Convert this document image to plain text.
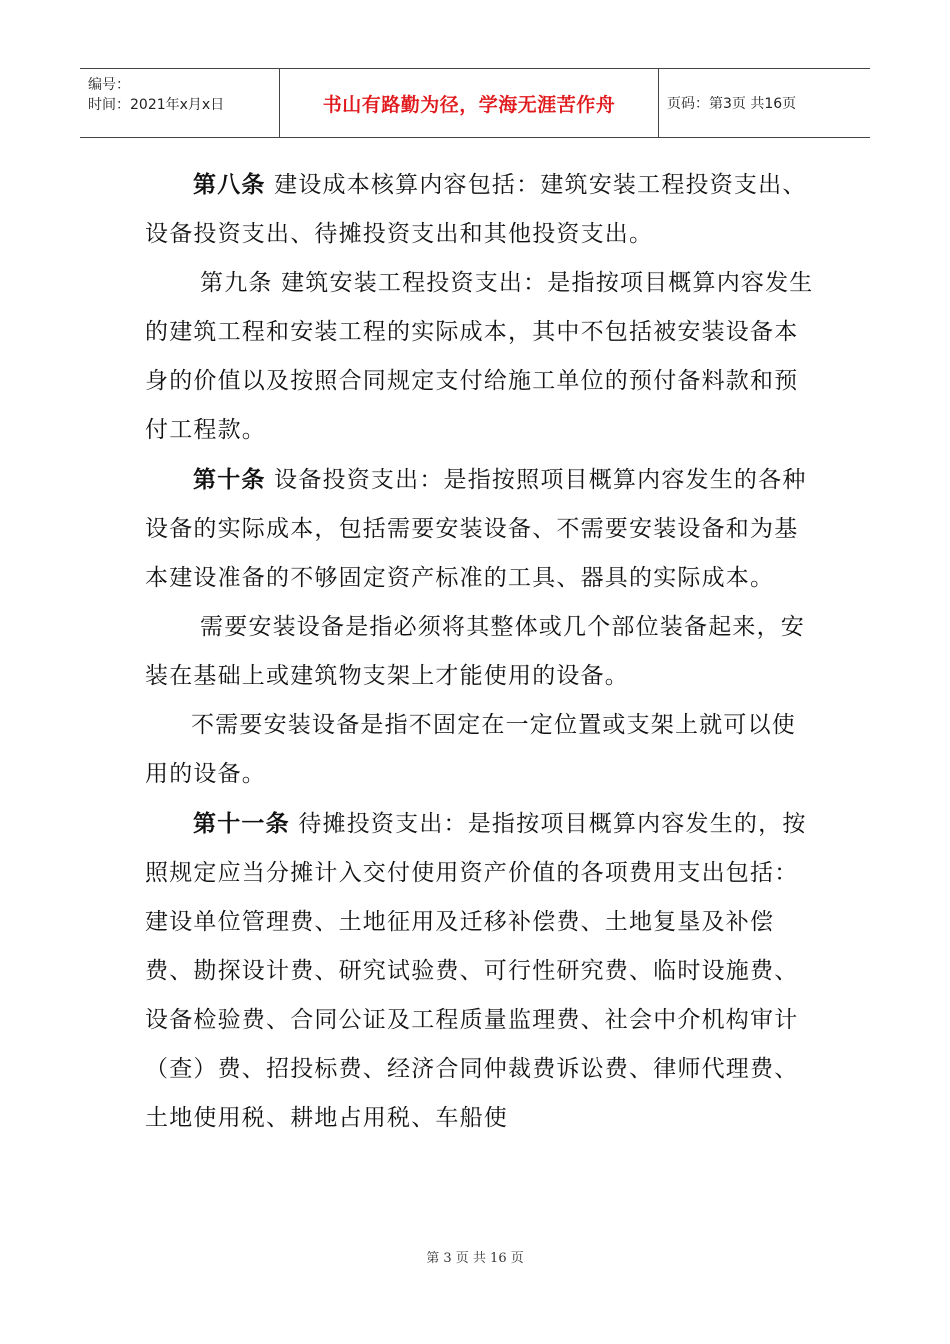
编号：
时间：2021年x月x日	书山有路勤为径，学海无涯苦作舟	页码：第3页 共16页

第八条 建设成本核算内容包括：建筑安装工程投资支出、设备投资支出、待摊投资支出和其他投资支出。

第九条 建筑安装工程投资支出：是指按项目概算内容发生的建筑工程和安装工程的实际成本，其中不包括被安装设备本身的价值以及按照合同规定支付给施工单位的预付备料款和预付工程款。

第十条 设备投资支出：是指按照项目概算内容发生的各种设备的实际成本，包括需要安装设备、不需要安装设备和为基本建设准备的不够固定资产标准的工具、器具的实际成本。

需要安装设备是指必须将其整体或几个部位装备起来，安装在基础上或建筑物支架上才能使用的设备。

不需要安装设备是指不固定在一定位置或支架上就可以使用的设备。

第十一条 待摊投资支出：是指按项目概算内容发生的，按照规定应当分摊计入交付使用资产价值的各项费用支出包括：建设单位管理费、土地征用及迁移补偿费、土地复垦及补偿费、勘探设计费、研究试验费、可行性研究费、临时设施费、设备检验费、合同公证及工程质量监理费、社会中介机构审计（查）费、招投标费、经济合同仲裁费诉讼费、律师代理费、土地使用税、耕地占用税、车船使

第 3 页 共 16 页
